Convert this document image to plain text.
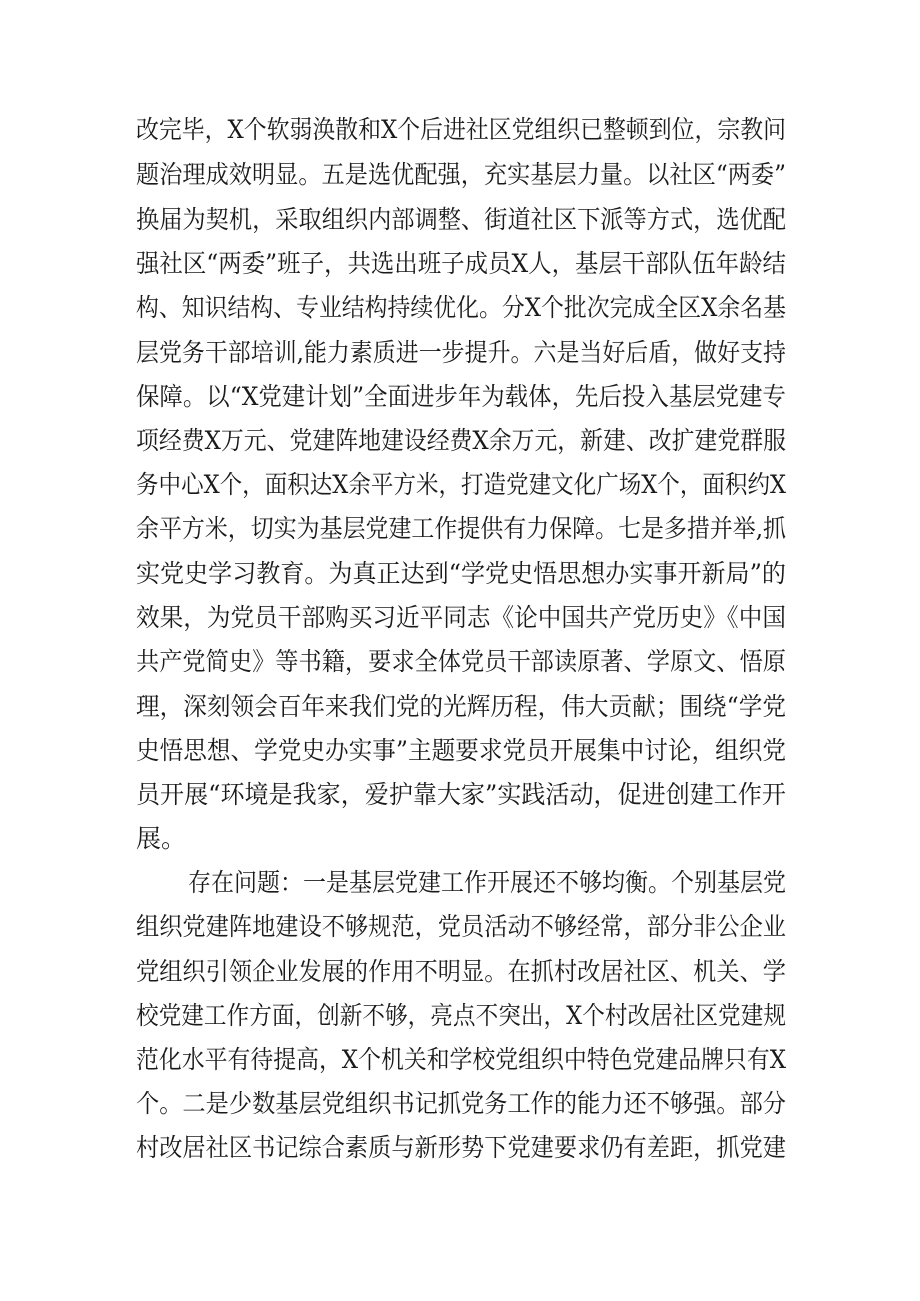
改完毕，X个软弱涣散和X个后进社区党组织已整顿到位，宗教问
题治理成效明显。五是选优配强，充实基层力量。以社区“两委”
换届为契机，采取组织内部调整、街道社区下派等方式，选优配
强社区“两委”班子，共选出班子成员X人，基层干部队伍年龄结
构、知识结构、专业结构持续优化。分X个批次完成全区X余名基
层党务干部培训,能力素质进一步提升。六是当好后盾，做好支持
保障。以“X党建计划”全面进步年为载体，先后投入基层党建专
项经费X万元、党建阵地建设经费X余万元，新建、改扩建党群服
务中心X个，面积达X余平方米，打造党建文化广场X个，面积约X
余平方米，切实为基层党建工作提供有力保障。七是多措并举,抓
实党史学习教育。为真正达到“学党史悟思想办实事开新局”的
效果，为党员干部购买习近平同志《论中国共产党历史》《中国
共产党简史》等书籍，要求全体党员干部读原著、学原文、悟原
理，深刻领会百年来我们党的光辉历程，伟大贡献；围绕“学党
史悟思想、学党史办实事”主题要求党员开展集中讨论，组织党
员开展“环境是我家，爱护靠大家”实践活动，促进创建工作开
展。
存在问题：一是基层党建工作开展还不够均衡。个别基层党
组织党建阵地建设不够规范，党员活动不够经常，部分非公企业
党组织引领企业发展的作用不明显。在抓村改居社区、机关、学
校党建工作方面，创新不够，亮点不突出，X个村改居社区党建规
范化水平有待提高，X个机关和学校党组织中特色党建品牌只有X
个。二是少数基层党组织书记抓党务工作的能力还不够强。部分
村改居社区书记综合素质与新形势下党建要求仍有差距，抓党建
